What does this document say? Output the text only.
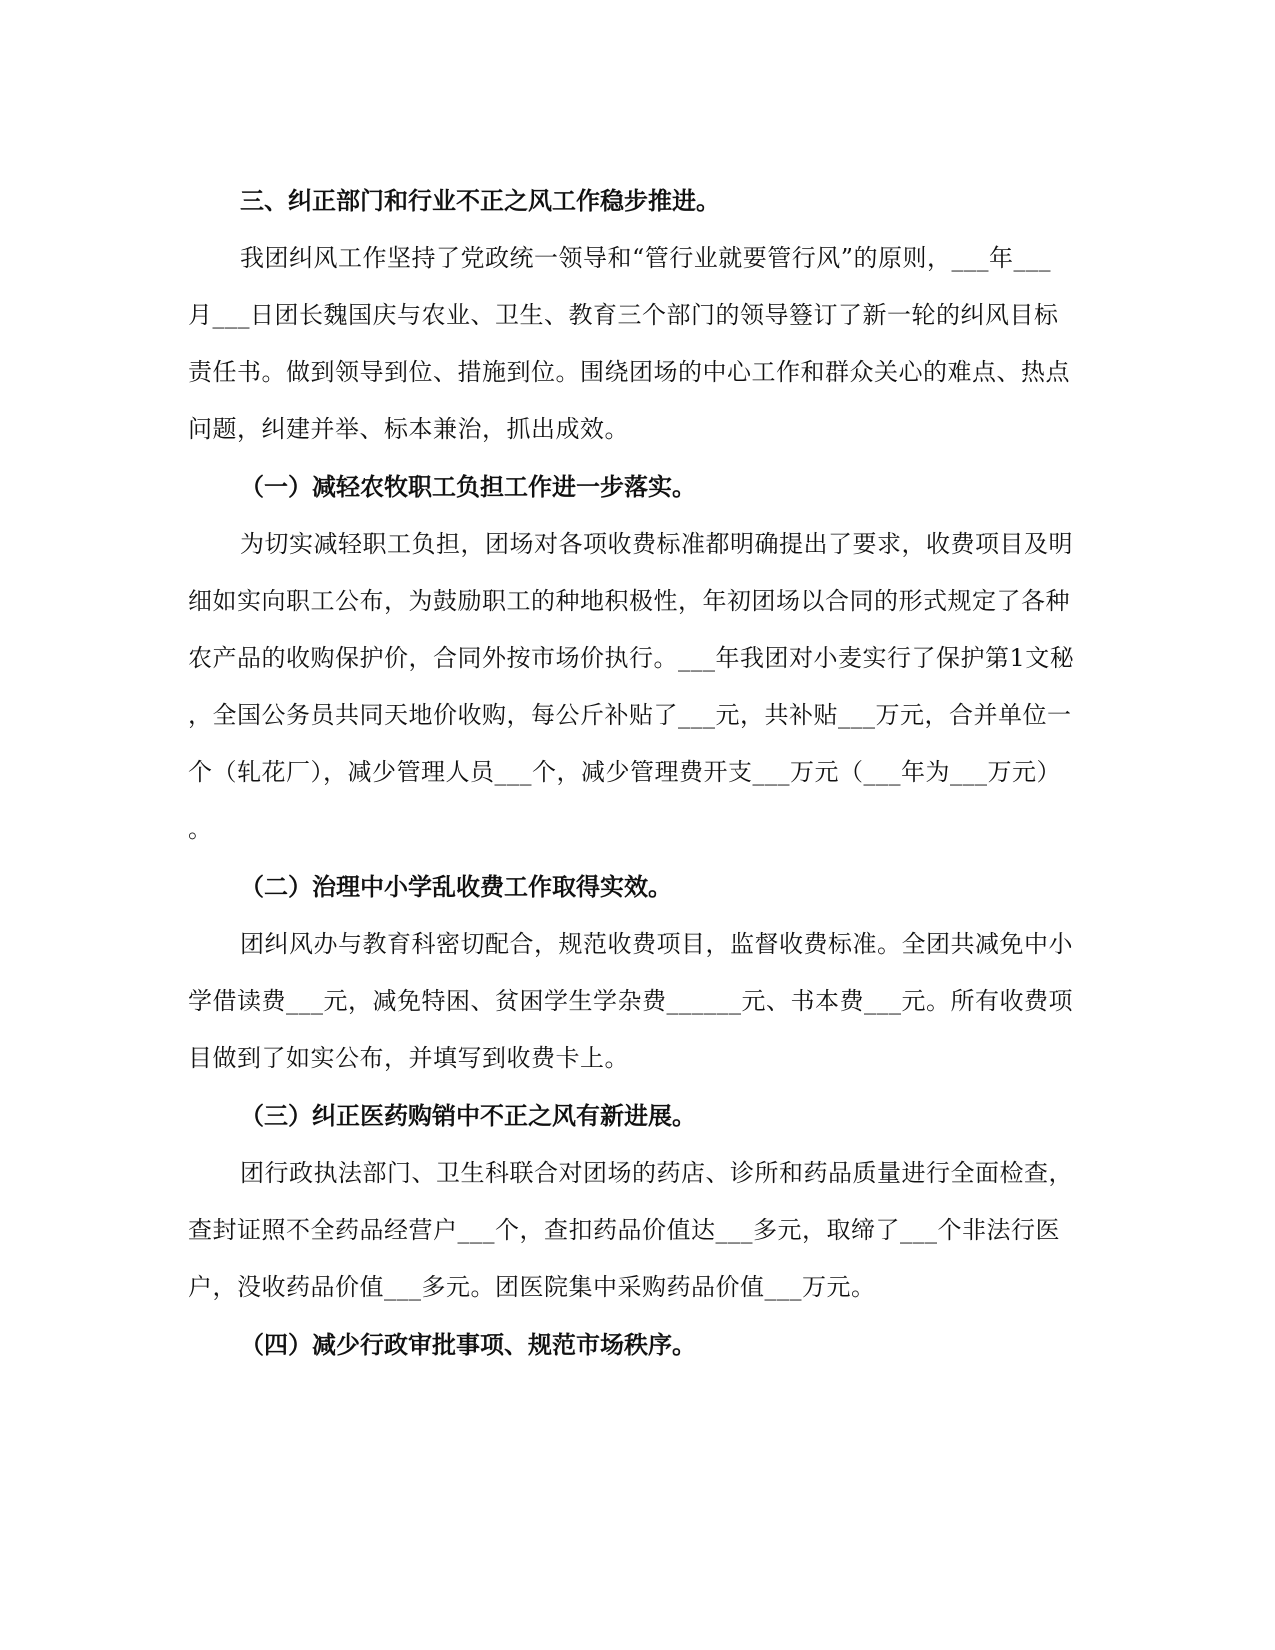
三、纠正部门和行业不正之风工作稳步推进。

我团纠风工作坚持了党政统一领导和“管行业就要管行风”的原则，___年___
月___日团长魏国庆与农业、卫生、教育三个部门的领导簦订了新一轮的纠风目标
责任书。做到领导到位、措施到位。围绕团场的中心工作和群众关心的难点、热点
问题，纠建并举、标本兼治，抓出成效。

（一）减轻农牧职工负担工作进一步落实。

为切实减轻职工负担，团场对各项收费标准都明确提出了要求，收费项目及明
细如实向职工公布，为鼓励职工的种地积极性，年初团场以合同的形式规定了各种
农产品的收购保护价，合同外按市场价执行。___年我团对小麦实行了保护第1文秘
，全国公务员共同天地价收购，每公斤补贴了___元，共补贴___万元，合并单位一
个（轧花厂），减少管理人员___个，减少管理费开支___万元（___年为___万元）
。

（二）治理中小学乱收费工作取得实效。

团纠风办与教育科密切配合，规范收费项目，监督收费标准。全团共减免中小
学借读费___元，减免特困、贫困学生学杂费______元、书本费___元。所有收费项
目做到了如实公布，并填写到收费卡上。

（三）纠正医药购销中不正之风有新进展。

团行政执法部门、卫生科联合对团场的药店、诊所和药品质量进行全面检查，
查封证照不全药品经营户___个，查扣药品价值达___多元，取缔了___个非法行医
户，没收药品价值___多元。团医院集中采购药品价值___万元。

（四）减少行政审批事项、规范市场秩序。
